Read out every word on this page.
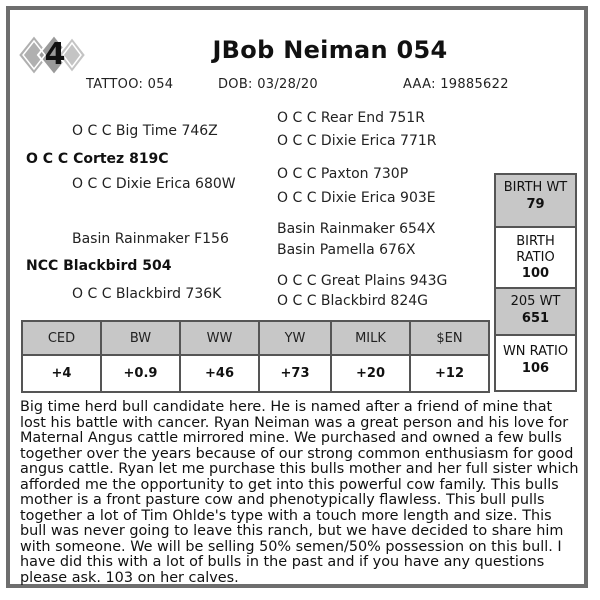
4	JBob Neiman 054
TATTOO: 054	DOB: 03/28/20	AAA: 19885622
O C C Big Time 746Z
O C C Cortez 819C
O C C Dixie Erica 680W
O C C Rear End 751R
O C C Dixie Erica 771R
O C C Paxton 730P
O C C Dixie Erica 903E
Basin Rainmaker F156
NCC Blackbird 504
O C C Blackbird 736K
Basin Rainmaker 654X
Basin Pamella 676X
O C C Great Plains 943G
O C C Blackbird 824G
CED	BW	WW	YW	MILK	$EN
+4	+0.9	+46	+73	+20	+12
BIRTH WT
79
BIRTH
RATIO
100
205 WT
651
WN RATIO
106

Big time herd bull candidate here. He is named after a friend of mine that lost his battle with cancer. Ryan Neiman was a great person and his love for Maternal Angus cattle mirrored mine. We purchased and owned a few bulls together over the years because of our strong common enthusiasm for good angus cattle. Ryan let me purchase this bulls mother and her full sister which afforded me the opportunity to get into this powerful cow family. This bulls mother is a front pasture cow and phenotypically flawless. This bull pulls together a lot of Tim Ohlde's type with a touch more length and size. This bull was never going to leave this ranch, but we have decided to share him with someone. We will be selling 50% semen/50% possession on this bull. I have did this with a lot of bulls in the past and if you have any questions please ask. 103 on her calves.
